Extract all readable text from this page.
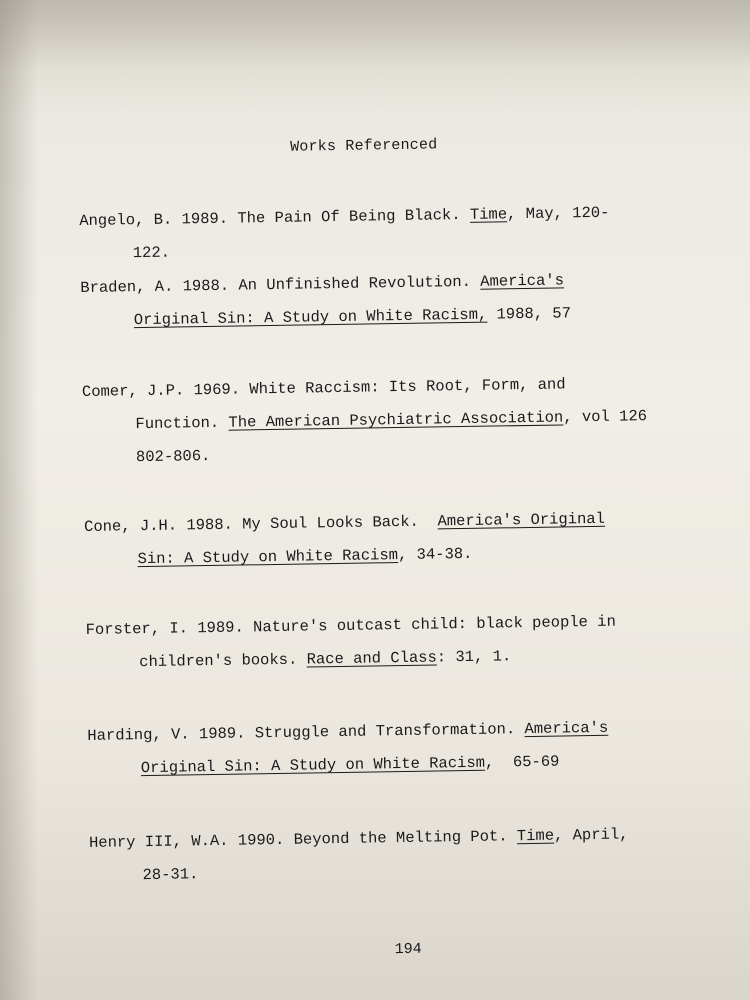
Works Referenced
Angelo, B. 1989. The Pain Of Being Black. Time, May, 120-
122.
Braden, A. 1988. An Unfinished Revolution. America's
Original Sin: A Study on White Racism, 1988, 57
Comer, J.P. 1969. White Raccism: Its Root, Form, and
Function. The American Psychiatric Association, vol 126
802-806.
Cone, J.H. 1988. My Soul Looks Back.  America's Original
Sin: A Study on White Racism, 34-38.
Forster, I. 1989. Nature's outcast child: black people in
children's books. Race and Class: 31, 1.
Harding, V. 1989. Struggle and Transformation. America's
Original Sin: A Study on White Racism,  65-69
Henry III, W.A. 1990. Beyond the Melting Pot. Time, April,
28-31.
194
